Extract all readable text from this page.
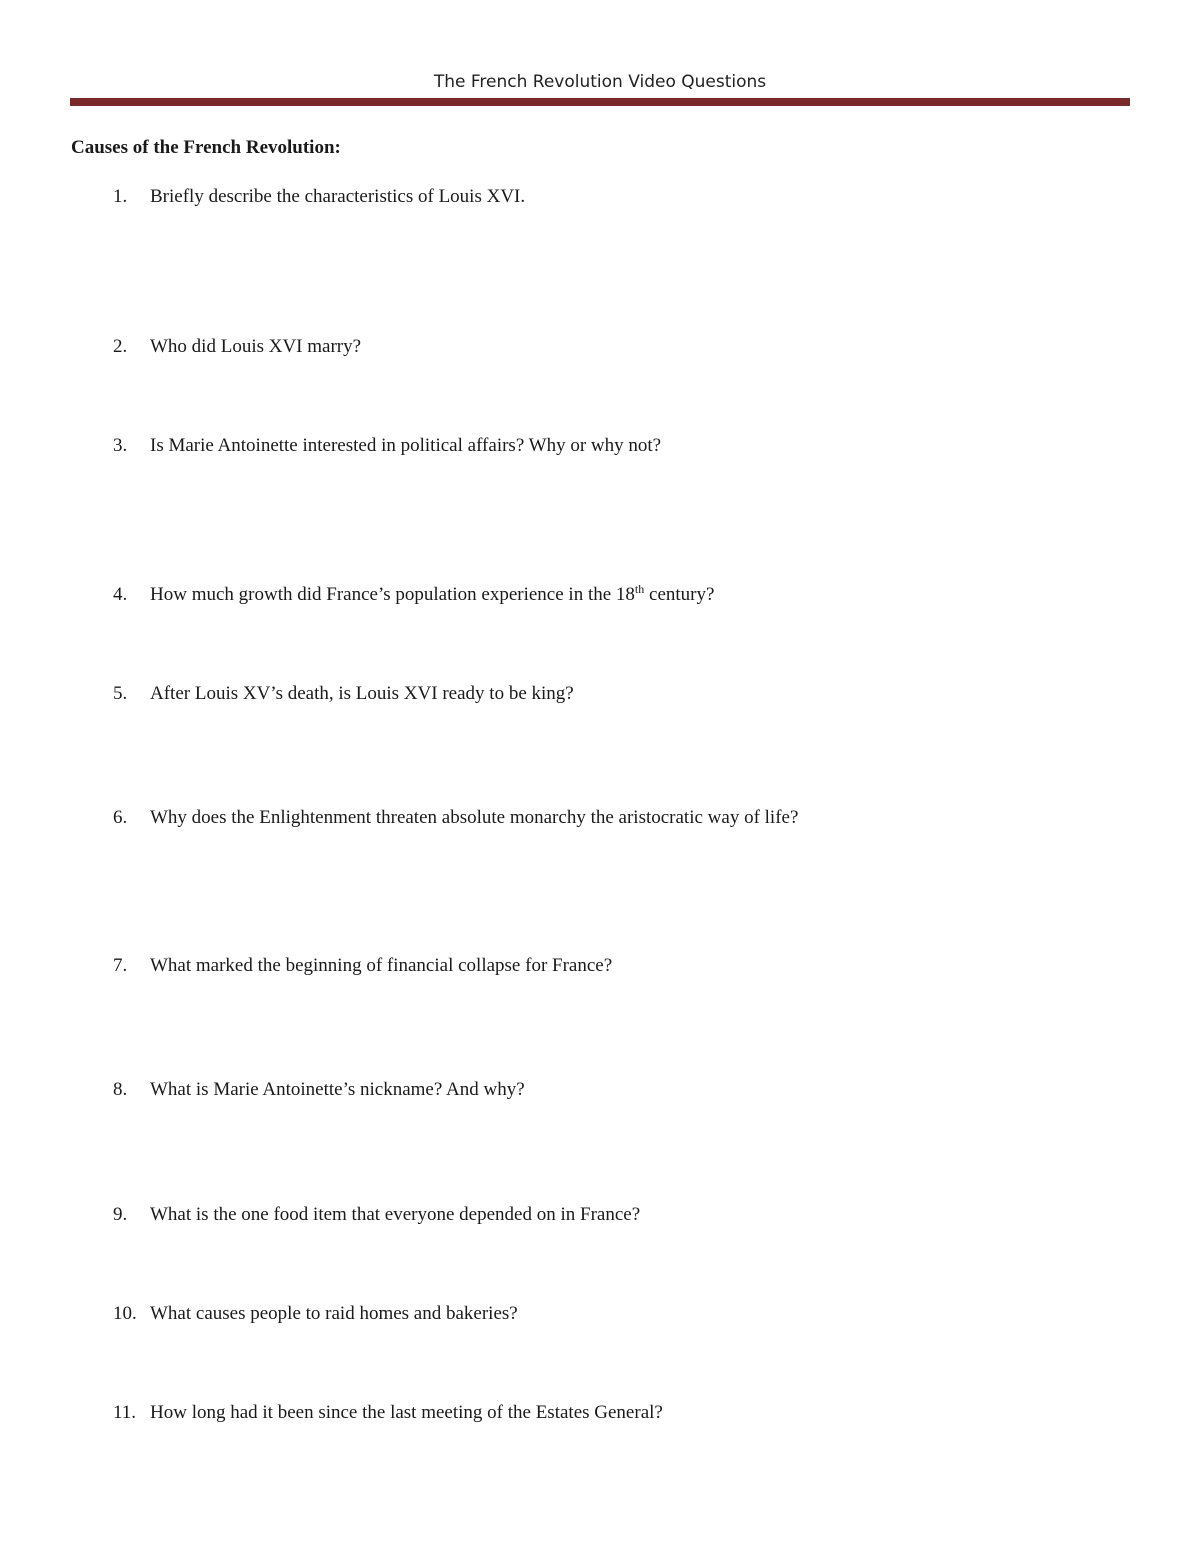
The French Revolution Video Questions
Causes of the French Revolution:
1. Briefly describe the characteristics of Louis XVI.
2. Who did Louis XVI marry?
3. Is Marie Antoinette interested in political affairs? Why or why not?
4. How much growth did France’s population experience in the 18th century?
5. After Louis XV’s death, is Louis XVI ready to be king?
6. Why does the Enlightenment threaten absolute monarchy the aristocratic way of life?
7. What marked the beginning of financial collapse for France?
8. What is Marie Antoinette’s nickname? And why?
9. What is the one food item that everyone depended on in France?
10. What causes people to raid homes and bakeries?
11. How long had it been since the last meeting of the Estates General?
